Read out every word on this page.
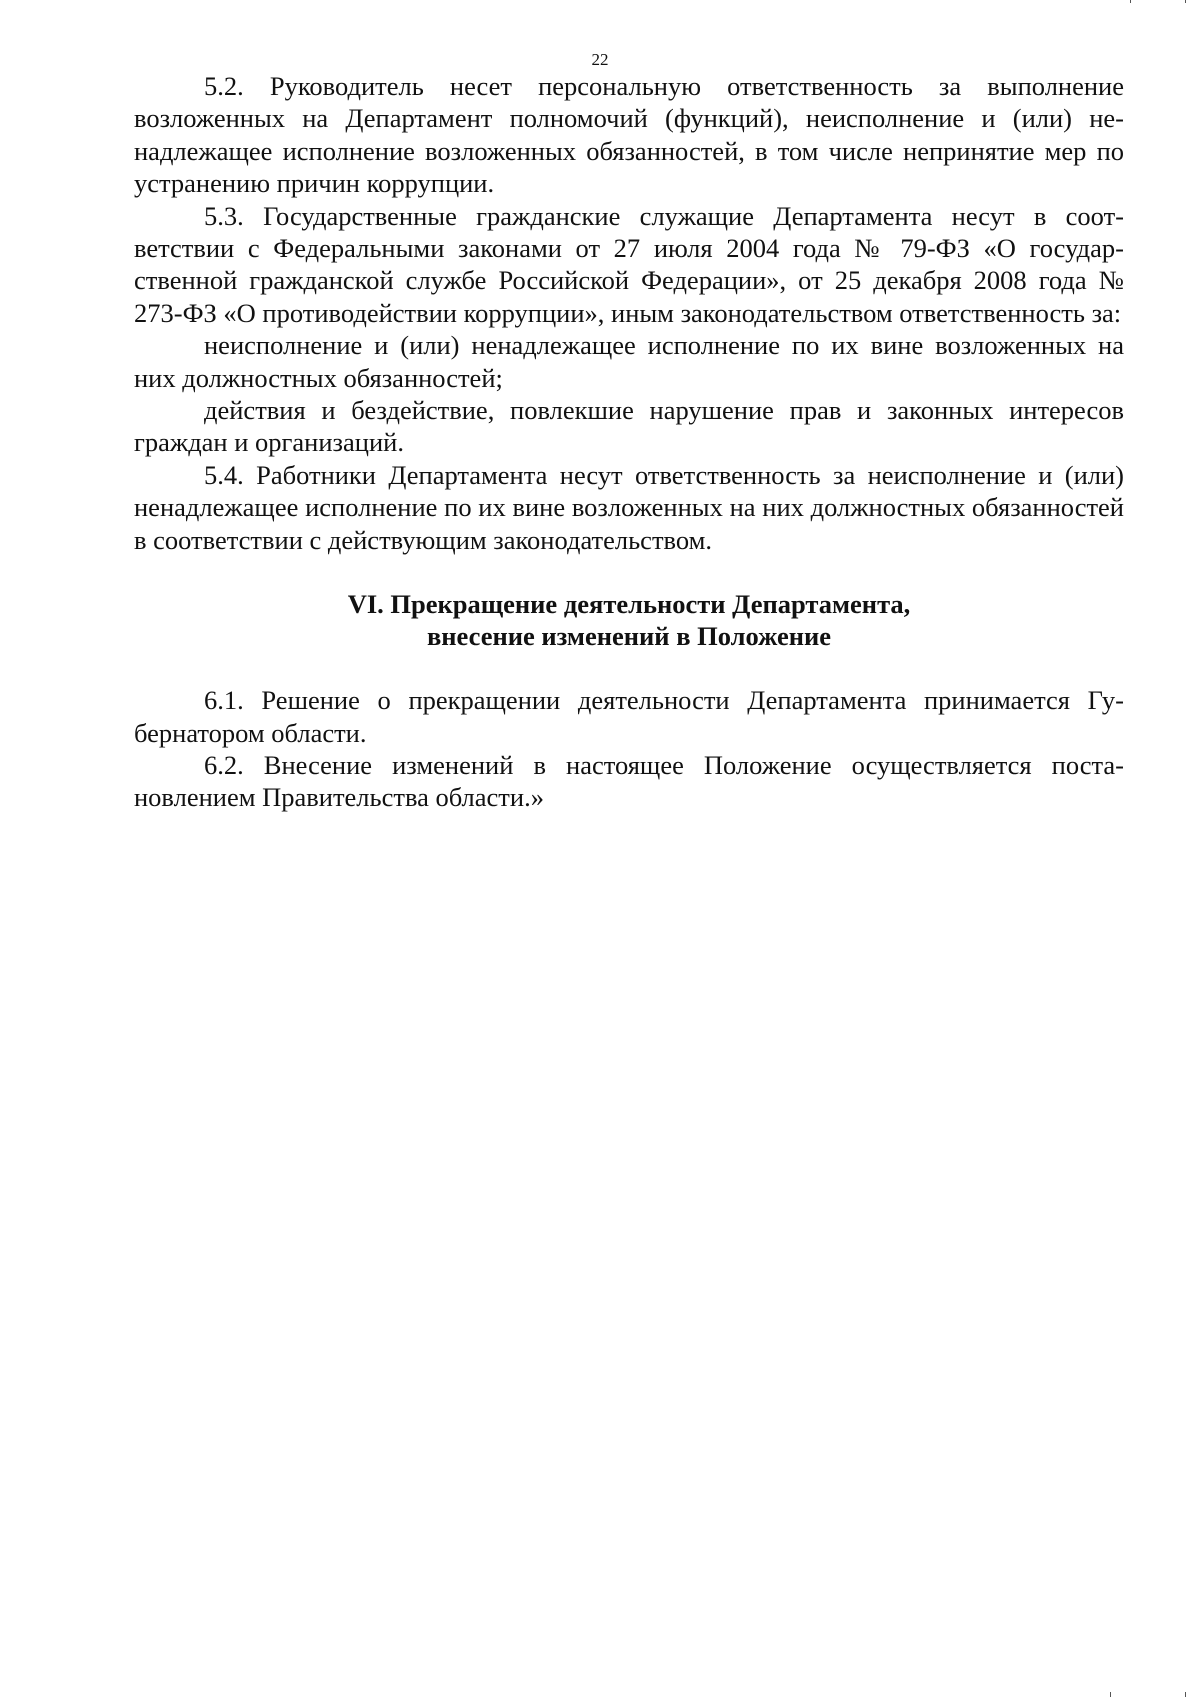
22

5.2. Руководитель несет персональную ответственность за выполнение возложенных на Департамент полномочий (функций), неисполнение и (или) ненадлежащее исполнение возложенных обязанностей, в том числе непринятие мер по устранению причин коррупции.

5.3. Государственные гражданские служащие Департамента несут в соответствии с Федеральными законами от 27 июля 2004 года № 79-ФЗ «О государственной гражданской службе Российской Федерации», от 25 декабря 2008 года № 273-ФЗ «О противодействии коррупции», иным законодательством ответственность за:

неисполнение и (или) ненадлежащее исполнение по их вине возложенных на них должностных обязанностей;

действия и бездействие, повлекшие нарушение прав и законных интересов граждан и организаций.

5.4. Работники Департамента несут ответственность за неисполнение и (или) ненадлежащее исполнение по их вине возложенных на них должностных обязанностей в соответствии с действующим законодательством.

VI. Прекращение деятельности Департамента,
внесение изменений в Положение

6.1. Решение о прекращении деятельности Департамента принимается Губернатором области.

6.2. Внесение изменений в настоящее Положение осуществляется постановлением Правительства области.»
